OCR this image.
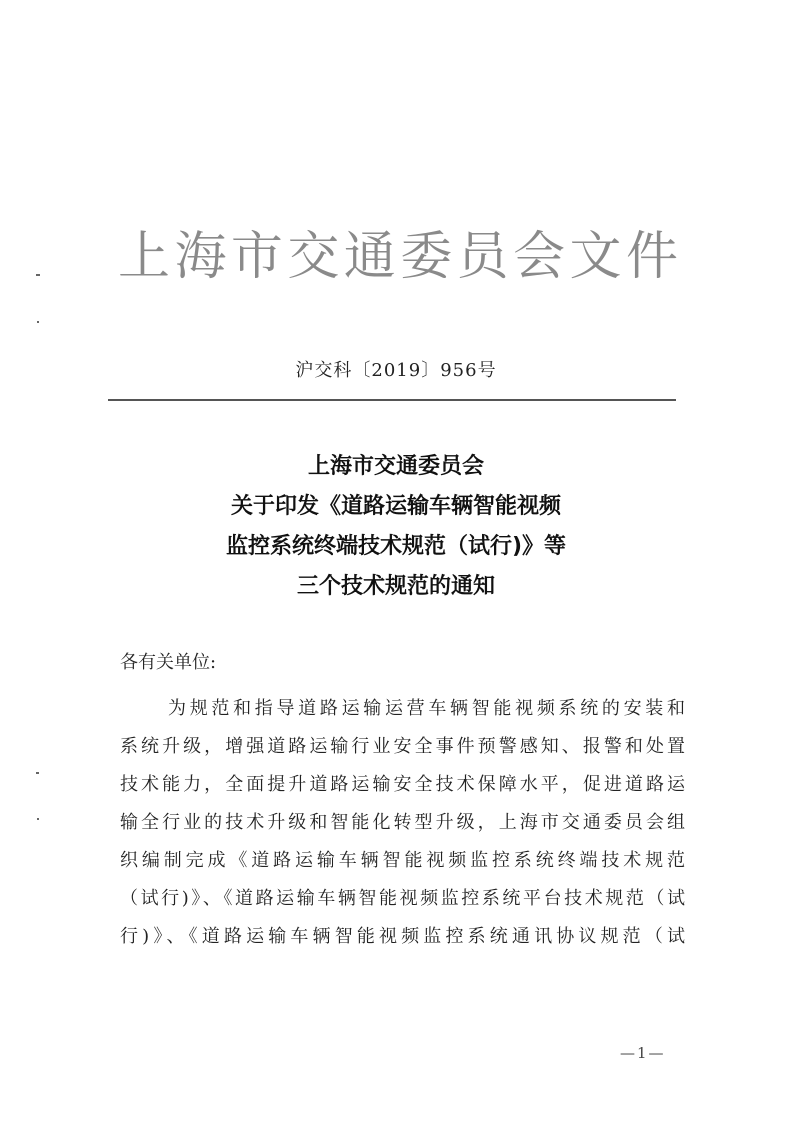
上 海 市 交 通 委 员 会 文 件
沪交科〔2019〕956号
上海市交通委员会
关于印发《道路运输车辆智能视频
监控系统终端技术规范（试行)》等
三个技术规范的通知
各有关单位:
为规范和指导道路运输运营车辆智能视频系统的安装和
系统升级，增强道路运输行业安全事件预警感知、报警和处置
技术能力，全面提升道路运输安全技术保障水平，促进道路运
输全行业的技术升级和智能化转型升级，上海市交通委员会组
织编制完成《道路运输车辆智能视频监控系统终端技术规范
（试行)》、《道路运输车辆智能视频监控系统平台技术规范（试
行)》、《道路运输车辆智能视频监控系统通讯协议规范（试
—1—
